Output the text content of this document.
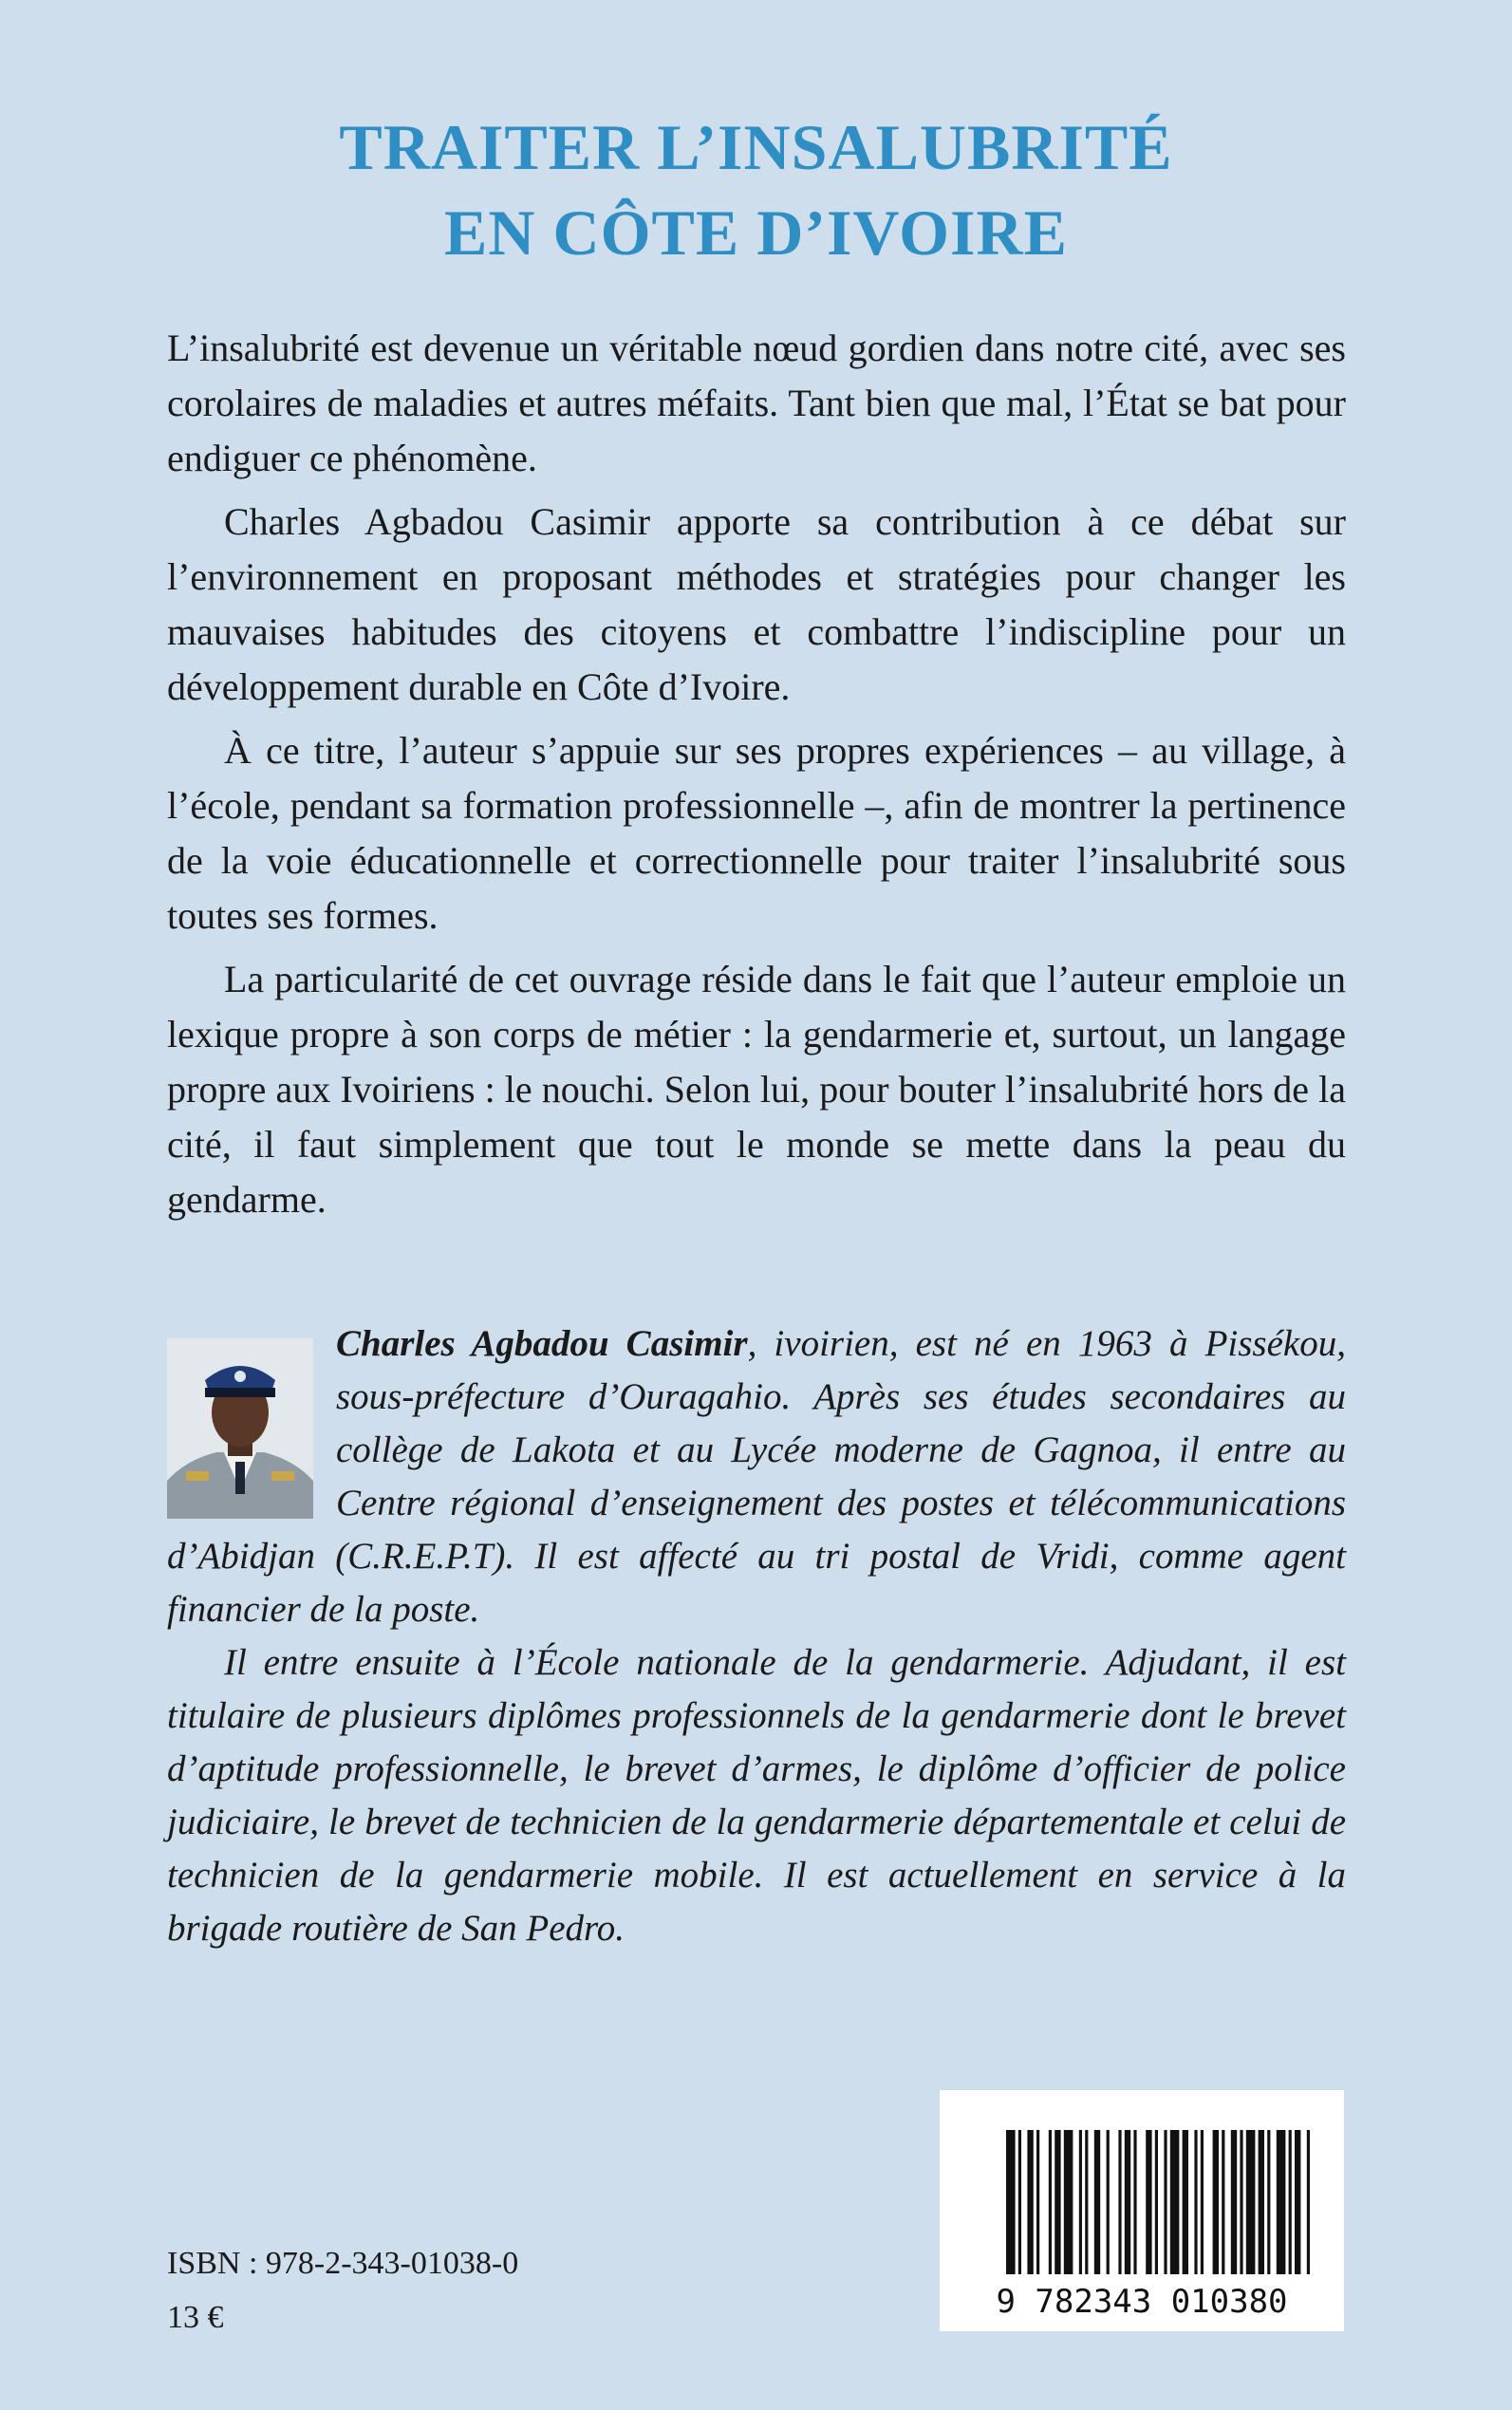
TRAITER L’INSALUBRITÉ
EN CÔTE D’IVOIRE

L’insalubrité est devenue un véritable nœud gordien dans notre cité, avec ses corolaires de maladies et autres méfaits. Tant bien que mal, l’État se bat pour endiguer ce phénomène.

Charles Agbadou Casimir apporte sa contribution à ce débat sur l’environnement en proposant méthodes et stratégies pour changer les mauvaises habitudes des citoyens et combattre l’indiscipline pour un développement durable en Côte d’Ivoire.

À ce titre, l’auteur s’appuie sur ses propres expériences – au village, à l’école, pendant sa formation professionnelle –, afin de montrer la pertinence de la voie éducationnelle et correctionnelle pour traiter l’insalubrité sous toutes ses formes.

La particularité de cet ouvrage réside dans le fait que l’auteur emploie un lexique propre à son corps de métier : la gendarmerie et, surtout, un langage propre aux Ivoiriens : le nouchi. Selon lui, pour bouter l’insalubrité hors de la cité, il faut simplement que tout le monde se mette dans la peau du gendarme.

Charles Agbadou Casimir, ivoirien, est né en 1963 à Pissékou, sous-préfecture d’Ouragahio. Après ses études secondaires au collège de Lakota et au Lycée moderne de Gagnoa, il entre au Centre régional d’enseignement des postes et télécommunications d’Abidjan (C.R.E.P.T). Il est affecté au tri postal de Vridi, comme agent financier de la poste.

Il entre ensuite à l’École nationale de la gendarmerie. Adjudant, il est titulaire de plusieurs diplômes professionnels de la gendarmerie dont le brevet d’aptitude professionnelle, le brevet d’armes, le diplôme d’officier de police judiciaire, le brevet de technicien de la gendarmerie départementale et celui de technicien de la gendarmerie mobile. Il est actuellement en service à la brigade routière de San Pedro.

ISBN : 978-2-343-01038-0
13 €	9 782343 010380
